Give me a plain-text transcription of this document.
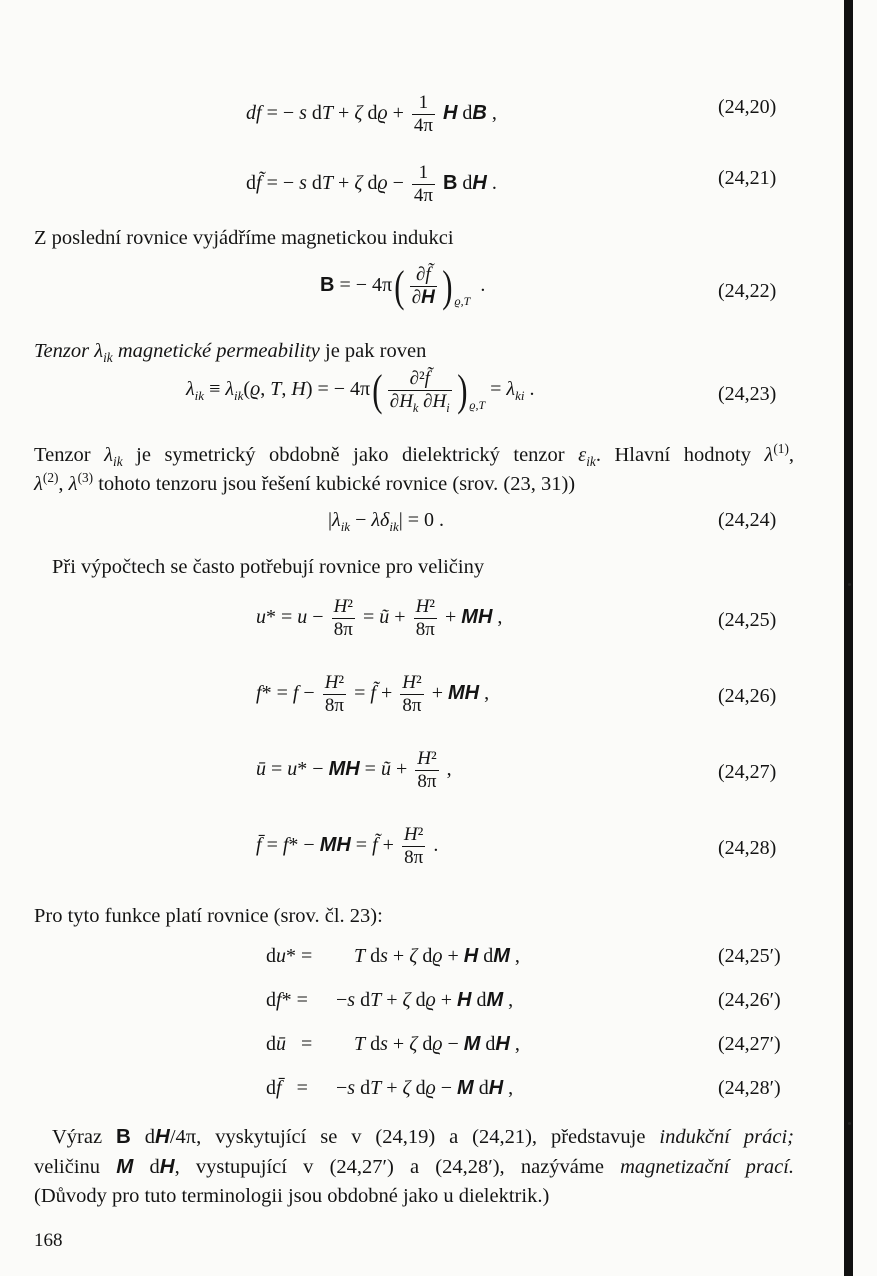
df = − s dT + ζ $dϱ + \frac{1}{4\pi}$ H dB ,	(24,20)
df̃ = − s dT + ζ $dϱ - \frac{1}{4\pi}$ B dH .	(24,21)
Z poslední rovnice vyjádříme magnetickou indukci
B = − $4\pi( \frac{\partial f̃}{\partial H}$ ) $_{ϱ,T}$  .	(24,22)
Tenzor $\lambda_{ik}$ magnetické permeability je pak roven
$\lambda_{ik} \equiv \lambda_{ik}(ϱ$, T, H) = − $4\pi( \frac{\text{∂²f̃}}{\partial H_k \partial H_i}$ ) $_{ϱ,T} = \lambda_{ki}$ .	(24,23)
Tenzor $\lambda_{ik}$ je symetrický obdobně jako dielektrický tenzor $\varepsilon_{ik}$. Hlavní hodnoty $\lambda^{(1)}$,
$\lambda^{(2)}$, $\lambda^{(3)}$ tohoto tenzoru jsou řešení kubické rovnice (srov. (23, 31))
$|\lambda_{ik} - \lambda\delta_{ik}| = 0$ .	(24,24)
Při výpočtech se často potřebují rovnice pro veličiny
$u* = u - \frac{\text{H²}}{8\pi}$ = ũ + $\frac{\text{H²}}{8\pi}$ + MH ,	(24,25)
$f* = f - \frac{\text{H²}}{8\pi}$ = f̃ + $\frac{\text{H²}}{8\pi}$ + MH ,	(24,26)
ū = u* − MH = ũ + $\frac{\text{H²}}{8\pi}$ ,	(24,27)
f̄ = f* − MH = f̃ + $\frac{\text{H²}}{8\pi}$ .	(24,28)
Pro tyto funkce platí rovnice (srov. čl. 23):
du* = T ds + ζ dϱ + H dM ,	(24,25′)
df* = −s dT + ζ dϱ + H dM ,	(24,26′)
dū   = T ds + ζ dϱ − M dH ,	(24,27′)
df̄   = −s dT + ζ dϱ − M dH ,	(24,28′)
Výraz B dH/4π, vyskytující se v (24,19) a (24,21), představuje indukční práci;
veličinu M dH, vystupující v (24,27′) a (24,28′), nazýváme magnetizační prací.
(Důvody pro tuto terminologii jsou obdobné jako u dielektrik.)
168
